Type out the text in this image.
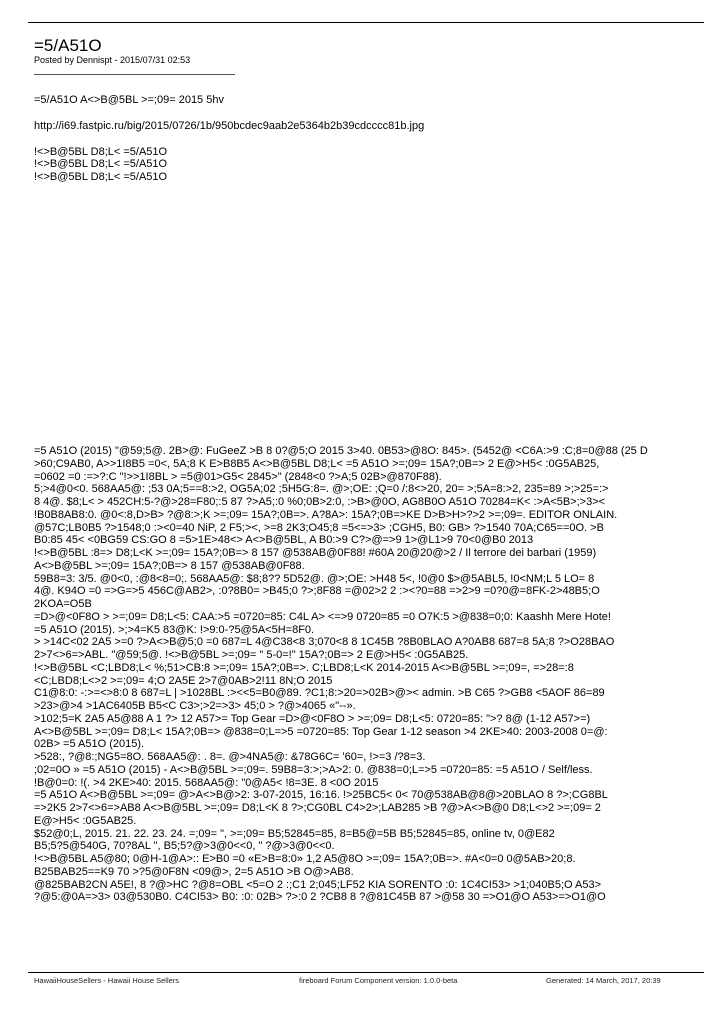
=5/A51O
Posted by Dennispt - 2015/07/31 02:53
=5/A51O A<>B@5BL >=;09= 2015 5hv
http://i69.fastpic.ru/big/2015/0726/1b/950bcdec9aab2e5364b2b39cdcccc81b.jpg
!<>B@5BL D8;L< =5/A51O
!<>B@5BL D8;L< =5/A51O
!<>B@5BL D8;L< =5/A51O
=5 A51O (2015) "@59;5@. 2B>@: FuGeeZ >B 8 0?@5;O 2015 3>40. 0B53>@8O: 845>. (5452@ <C6A:>9 :C;8=0@88 (25 D
>60;C9AB0, A>>1I8B5 =0<, 5A;8 K E>B8B5 A<>B@5BL D8;L< =5 A51O >=;09= 15A?;0B=> 2 E@>H5< :0G5AB25,
=0602 =0 :=>?:C "!>>1I8BL > =5@01>G5< 2845>" (2848<0 ?>A;5 02B>@870F88).
5;>4@0<0. 568AA5@: ;53 0A;5==8:>2, OG5A;02 ;5H5G:8=. @>;OE: ;Q=0 /:8<>20, 20= >;5A=8:>2, 235=89 >;>25=:>
8 4@. $8;L< > 452CH:5-?@>28=F80;:5 87 ?>A5;:0 %0;0B>2:0, :>B>@0O, AG8B0O A51O 70284=K< :>A<5B>;>3><
!B0B8AB8:0. @0<:8,D>B> ?@8:>;K >=;09= 15A?;0B=>. A?8A>: 15A?;0B=>KE D>B>H>?>2 >=;09=. EDITOR ONLAIN.
@57C;LB0B5 ?>1548;0 :><0=40 NiP, 2 F5;><, >=8 2K3;O45;8 =5<=>3> ;CGH5, B0: GB> ?>1540 70A;C65==0O. >B
B0:85 45< <0BG59 CS:GO 8 =5>1E>48<> A<>B@5BL, A B0:>9 C?>@=>9 1>@L1>9 70<0@B0 2013
!<>B@5BL :8=> D8;L<K >=;09= 15A?;0B=> 8 157 @538AB@0F88! #60A 20@20@>2 / Il terrore dei barbari (1959)
A<>B@5BL >=;09= 15A?;0B=> 8 157 @538AB@0F88.
59B8=3: 3/5. @0<0, :@8<8=0;. 568AA5@: $8;8?? 5D52@. @>;OE: >H48 5<, !0@0 $>@5ABL5, !0<NM;L 5 LO= 8
4@. K94O =0 =>G=>5 456C@AB2>, :0?8B0= >B45;0 ?>;8F88 =@02>2 2 :><?0=88 =>2>9 =0?0@=8FK-2>48B5;O
2KOA=O5B
=D>@<0F8O > >=;09= D8;L<5: CAA:>5 =0720=85: C4L A> <=>9 0720=85 =0 O7K:5 >@838=0;0: Kaashh Mere Hote!
=5 A51O (2015). >;>4=K5 83@K: !>9:0-?5@5A<5H=8F0.
> >14C<02 2A5 >=0 ?>A<>B@5;0 =0 687=L 4@C38<8 3;070<8 8 1C45B ?8B0BLAO A?0AB8 687=8 5A;8 ?>O28BAO
2>7<>6=>ABL. "@59;5@. !<>B@5BL >=;09= " 5-0=!" 15A?;0B=> 2 E@>H5< :0G5AB25.
!<>B@5BL <C;LBD8;L< %;51>CB:8 >=;09= 15A?;0B=>. C;LBD8;L<K 2014-2015 A<>B@5BL >=;09=, =>28=:8
<C;LBD8;L<>2 >=;09= 4;O 2A5E 2>7@0AB>2!11 8N;O 2015
C1@8:0: -:>=<>8:0 8 687=L | >1028BL :><<5=B0@89. ?C1;8:>20=>02B>@>< admin. >B C65 ?>GB8 <5AOF 86=89
>23>@>4 >1AC6405B B5<C C3>;>2=>3> 45;0 > ?@>4065 «"--».
>102;5=K 2A5 A5@88 A 1 ?> 12 A57>= Top Gear =D>@<0F8O > >=;09= D8;L<5: 0720=85: ">? 8@ (1-12 A57>=)
A<>B@5BL >=;09= D8;L< 15A?;0B=> @838=0;L=>5 =0720=85: Top Gear 1-12 season >4 2KE>40: 2003-2008 0=@:
02B> =5 A51O (2015).
>528:, ?@8:;NG5=8O. 568AA5@: . 8=. @>4NA5@: &78G6C= '60=, !>=3 /?8=3.
;02=0O » =5 A51O (2015) - A<>B@5BL >=;09=. 59B8=3:>;>A>2: 0. @838=0;L=>5 =0720=85: =5 A51O / Self/less.
!B@0=0: !(. >4 2KE>40: 2015. 568AA5@: "0@A5< !8=3E. 8 <0O 2015
=5 A51O A<>B@5BL >=;09= @>A<>B@>2: 3-07-2015, 16:16. !>25BC5< 0< 70@538AB@8@>20BLAO 8 ?>;CG8BL
=>2K5 2>7<>6=>AB8 A<>B@5BL >=;09= D8;L<K 8 ?>;CG0BL C4>2>;LAB285 >B ?@>A<>B@0 D8;L<>2 >=;09= 2
E@>H5< :0G5AB25.
$52@0;L, 2015. 21. 22. 23. 24. =;09= ", >=;09= B5;52845=85, 8=B5@=5B B5;52845=85, online tv, 0@E82
B5;5?5@540G, 70?8AL ", B5;5?@>3@0<<0, " ?@>3@0<<0.
!<>B@5BL A5@80; 0@H-1@A>:: E>B0 =0 «E>B=8:0» 1,2 A5@8O >=;09= 15A?;0B=>. #A<0=0 0@5AB>20;8.
B25BAB25==K9 70 >?5@0F8N <09@>, 2=5 A51O >B O@>AB8.
@825BAB2CN A5E!, 8 ?@>HC ?@8=OBL <5=O 2 :;C1 2;045;LF52 KIA SORENTO :0: 1C4CI53> >1;040B5;O A53>
?@5:@0A=>3> 03@530B0. C4CI53> B0: :0: 02B> ?>:0 2 ?CB8 8 ?@81C45B 87 >@58 30 =>O1@O A53>=>O1@O
HawaiiHouseSellers - Hawaii House Sellers	fireboard Forum Component version: 1.0.0-beta	Generated: 14 March, 2017, 20:39
